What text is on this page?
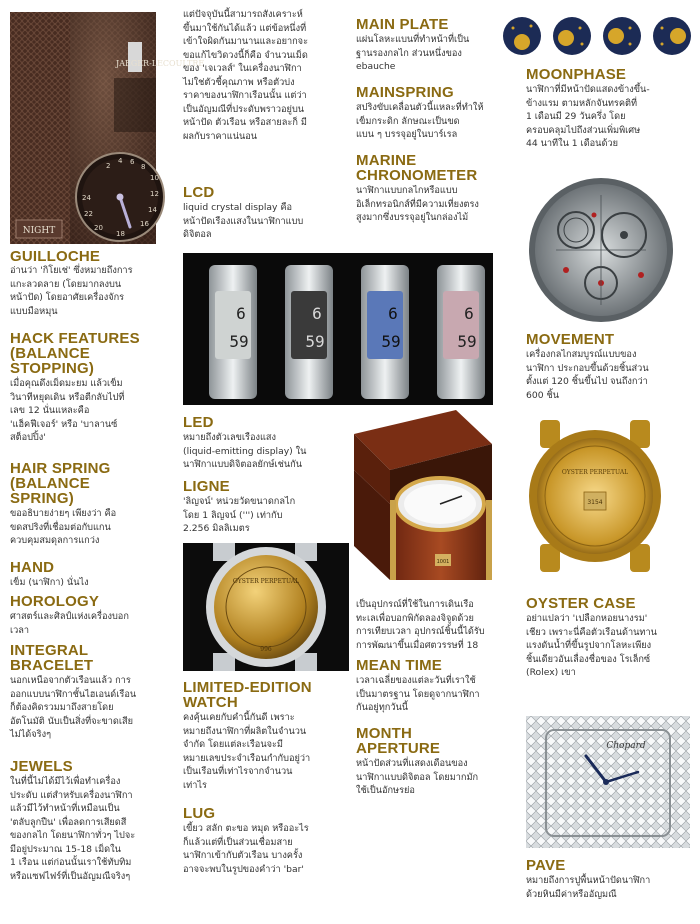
NIGHT
JAEGER-LECOULTRE
2
4 6
8
10
12
14
16
18
20
22
24
GUILLOCHE

อ่านว่า 'กิโยเช่' ซึ่งหมายถึงการ
แกะลวดลาย (โดยมากลงบน
หน้าปัด) โดยอาศัยเครื่องจักร
แบบมือหมุน

HACK FEATURES
(BALANCE
STOPPING)

เมื่อคุณดึงเม็ดมะยม แล้วเข็ม
วินาทีหยุดเดิน หรือตีกลับไปที่
เลข 12 นั่นแหละคือ
'แฮ็คฟีเจอร์' หรือ 'บาลานซ์
สต็อปปิ้ง'

HAIR SPRING
(BALANCE
SPRING)

ขออธิบายง่ายๆ เพียงว่า คือ
ขดสปริงที่เชื่อมต่อกับแกน
ควบคุมสมดุลการแกว่ง

HAND

เข็ม (นาฬิกา) นั่นไง

HOROLOGY

ศาสตร์และศิลป์แห่งเครื่องบอก
เวลา

INTEGRAL
BRACELET

นอกเหนือจากตัวเรือนแล้ว การ
ออกแบบนาฬิกาชั้นไฮเอนด์เรือน
ก็ต้องคิดรวมมาถึงสายโดย
อัตโนมัติ นับเป็นสิ่งที่จะขาดเสีย
ไม่ได้จริงๆ

JEWELS

ในที่นี้ไม่ได้มีไว้เพื่อทำเครื่อง
ประดับ แต่สำหรับเครื่องนาฬิกา
แล้วมีไว้ทำหน้าที่เหมือนเป็น
'ตลับลูกปืน' เพื่อลดการเสียดสี
ของกลไก โดยนาฬิกาทั่วๆ ไปจะ
มีอยู่ประมาณ 15-18 เม็ดใน
1 เรือน แต่ก่อนนั้นเราใช้ทับทิม
หรือแซฟไฟร์ที่เป็นอัญมณีจริงๆ

แต่ปัจจุบันนี้สามารถสังเคราะห์
ขึ้นมาใช้กันได้แล้ว แต่ข้อหนึ่งที่
เข้าใจผิดกันมานานและอยากจะ
ขอแก้ไขวิดวงนี้ก็คือ จำนวนเม็ด
ของ 'เจเวลส์' ในเครื่องนาฬิกา
ไม่ใช่ตัวชี้คุณภาพ หรือตัวบ่ง
ราคาของนาฬิกาเรือนนั้น แต่ว่า
เป็นอัญมณีที่ประดับพราวอยู่บน
หน้าปัด ตัวเรือน หรือสายละก็ มี
ผลกับราคาแน่นอน

LCD

liquid crystal display คือ
หน้าปัดเรืองแสงในนาฬิกาแบบ
ดิจิตอล

6
59
6
59
6
59
6
59
LED

หมายถึงตัวเลขเรืองแสง
(liquid-emitting display) ใน
นาฬิกาแบบดิจิตอลยักษ์เช่นกัน

LIGNE

'ลิญจน์' หน่วยวัดขนาดกลไก
โดย 1 ลิญจน์ (''') เท่ากับ
2.256 มิลลิเมตร

OYSTER PERPETUAL
996
LIMITED-EDITION
WATCH

คงคุ้นเคยกับคำนี้กันดี เพราะ
หมายถึงนาฬิกาที่ผลิตในจำนวน
จำกัด โดยแต่ละเรือนจะมี
หมายเลขประจำเรือนกำกับอยู่ว่า
เป็นเรือนที่เท่าไรจากจำนวน
เท่าไร

LUG

เขี้ยว สลัก ตะขอ หมุด หรืออะไร
ก็แล้วแต่ที่เป็นส่วนเชื่อมสาย
นาฬิกาเข้ากับตัวเรือน บางครั้ง
อาจจะพบในรูปของคำว่า 'bar'

MAIN PLATE

แผ่นโลหะแบนที่ทำหน้าที่เป็น
ฐานรองกลไก ส่วนหนึ่งของ
ebauche

MAINSPRING

สปริงขับเคลื่อนตัวนี้แหละที่ทำให้
เข็มกระดิก ลักษณะเป็นขด
แบน ๆ บรรจุอยู่ในบาร์เรล

MARINE
CHRONOMETER

นาฬิกาแบบกลไกหรือแบบ
อิเล็กทรอนิกส์ที่มีความเที่ยงตรง
สูงมากซึ่งบรรจุอยู่ในกล่องไม้

1001

เป็นอุปกรณ์ที่ใช้ในการเดินเรือ
ทะเลเพื่อบอกพิกัดลองจิจูดด้วย
การเทียบเวลา อุปกรณ์ชิ้นนี้ได้รับ
การพัฒนาขึ้นเมื่อศตวรรษที่ 18

MEAN TIME

เวลาเฉลี่ยของแต่ละวันที่เราใช้
เป็นมาตรฐาน โดยดูจากนาฬิกา
กันอยู่ทุกวันนี้

MONTH
APERTURE

หน้าปัดส่วนที่แสดงเดือนของ
นาฬิกาแบบดิจิตอล โดยมากมัก
ใช้เป็นอักษรย่อ

MOONPHASE

นาฬิกาที่มีหน้าปัดแสดงข้างขึ้น-
ข้างแรม ตามหลักจันทรคติที่
1 เดือนมี 29 วันครึ่ง โดย
ครอบคลุมไปถึงส่วนเพิ่มพิเศษ
44 นาทีใน 1 เดือนด้วย

MOVEMENT

เครื่องกลไกสมบูรณ์แบบของ
นาฬิกา ประกอบขึ้นด้วยชิ้นส่วน
ตั้งแต่ 120 ชิ้นขึ้นไป จนถึงกว่า
600 ชิ้น

OYSTER PERPETUAL
3154
OYSTER CASE

อย่าแปลว่า 'เปลือกหอยนางรม'
เชียว เพราะนี่คือตัวเรือนด้านทาน
แรงดันน้ำที่ขึ้นรูปจากโลหะเพียง
ชิ้นเดียวอันเลื่องชื่อของ โรเล็กซ์
(Rolex) เขา

Chopard
PAVE

หมายถึงการปูพื้นหน้าปัดนาฬิกา
ด้วยหินมีค่าหรืออัญมณี
